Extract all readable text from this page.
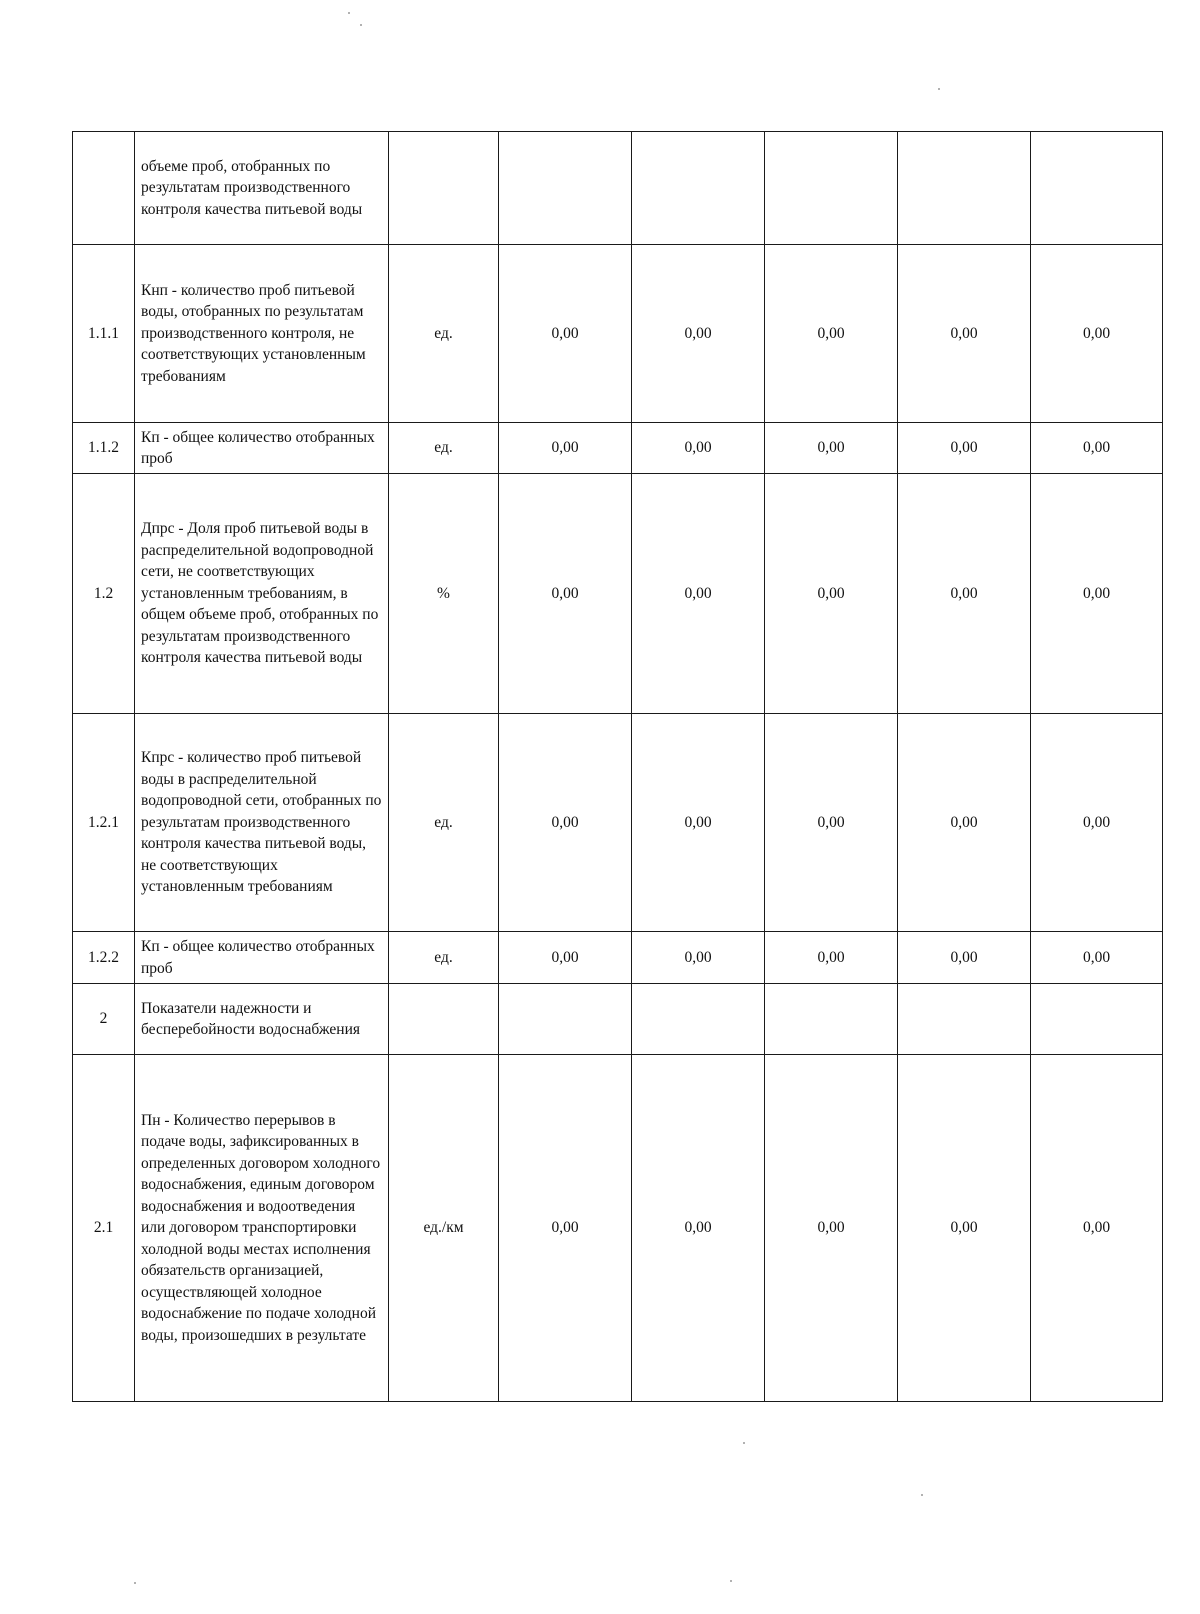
	объеме проб, отобранных по результатам производственного контроля качества питьевой воды						
1.1.1	Кнп - количество проб питьевой воды, отобранных по результатам производственного контроля, не соответствующих установленным требованиям	ед.	0,00	0,00	0,00	0,00	0,00
1.1.2	Кп - общее количество отобранных проб	ед.	0,00	0,00	0,00	0,00	0,00
1.2	Дпрс - Доля проб питьевой воды в распределительной водопроводной сети, не соответствующих установленным требованиям, в общем объеме проб, отобранных по результатам производственного контроля качества питьевой воды	%	0,00	0,00	0,00	0,00	0,00
1.2.1	Кпрс - количество проб питьевой воды в распределительной водопроводной сети, отобранных по результатам производственного контроля качества питьевой воды, не соответствующих установленным требованиям	ед.	0,00	0,00	0,00	0,00	0,00
1.2.2	Кп - общее количество отобранных проб	ед.	0,00	0,00	0,00	0,00	0,00
2	Показатели надежности и бесперебойности водоснабжения						
2.1	Пн - Количество перерывов в подаче воды, зафиксированных в определенных договором холодного водоснабжения, единым договором водоснабжения и водоотведения или договором транспортировки холодной воды местах исполнения обязательств организацией, осуществляющей холодное водоснабжение по подаче холодной воды, произошедших в результате	ед./км	0,00	0,00	0,00	0,00	0,00
